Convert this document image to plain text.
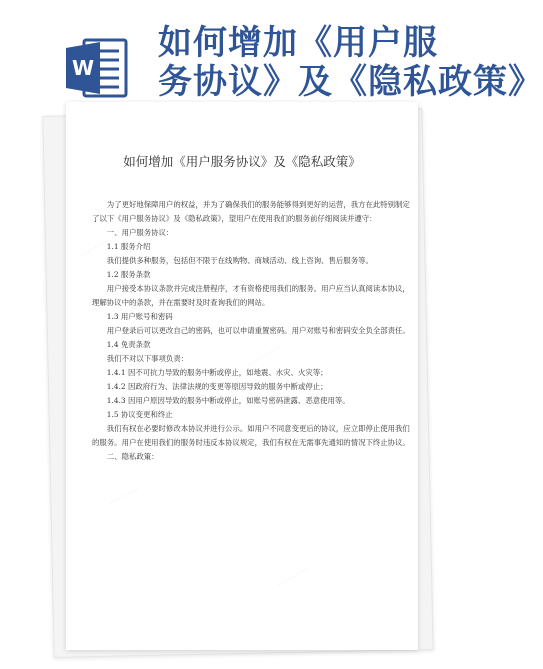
W
如何增加《用户服
务协议》及《隐私政策》
如何增加《用户服务协议》及《隐私政策》

为了更好地保障用户的权益，并为了确保我们的服务能够得到更好的运营，我方在此特别制定了以下《用户服务协议》及《隐私政策》，望用户在使用我们的服务前仔细阅读并遵守：

一、用户服务协议：

1.1 服务介绍

我们提供多种服务，包括但不限于在线购物、商城活动、线上咨询、售后服务等。

1.2 服务条款

用户接受本协议条款并完成注册程序，才有资格使用我们的服务。用户应当认真阅读本协议，理解协议中的条款，并在需要时及时查询我们的网站。

1.3 用户账号和密码

用户登录后可以更改自己的密码，也可以申请重置密码。用户对账号和密码安全负全部责任。

1.4 免责条款

我们不对以下事项负责：

1.4.1 因不可抗力导致的服务中断或停止，如地震、水灾、火灾等；

1.4.2 因政府行为、法律法规的变更等原因导致的服务中断或停止；

1.4.3 因用户原因导致的服务中断或停止，如账号密码泄露、恶意使用等。

1.5 协议变更和终止

我们有权在必要时修改本协议并进行公示。如用户不同意变更后的协议，应立即停止使用我们的服务。用户在使用我们的服务时违反本协议规定，我们有权在无需事先通知的情况下终止协议。

二、隐私政策：

·············
·············
·············
·············
